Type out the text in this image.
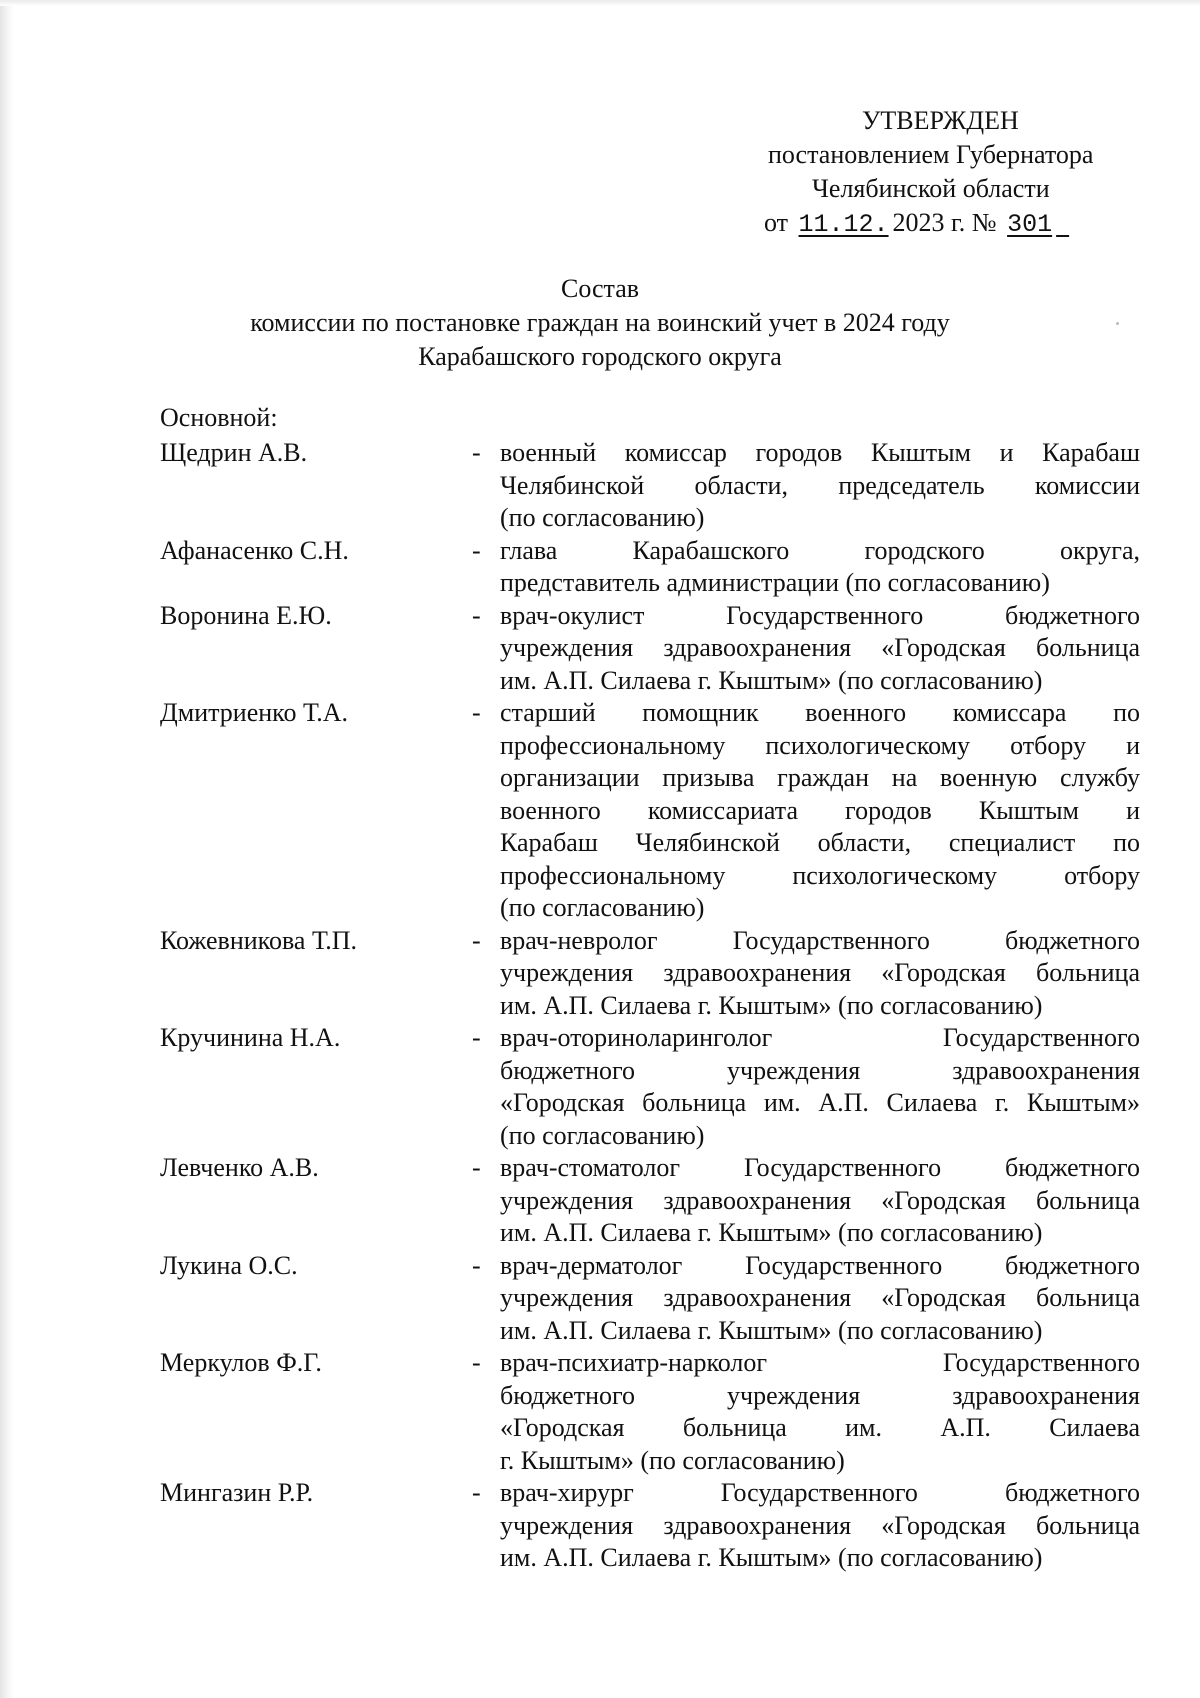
УТВЕРЖДЕН
постановлением Губернатора
Челябинской области
от 11.12. 2023 г. № 301
Состав
комиссии по постановке граждан на воинский учет в 2024 году
Карабашского городского округа
Основной:
Щедрин А.В.	- военный комиссар городов Кыштым и Карабаш
Челябинской области, председатель комиссии
(по согласованию)
Афанасенко С.Н.	- глава Карабашского городского округа,
представитель администрации (по согласованию)
Воронина Е.Ю.	- врач-окулист Государственного бюджетного
учреждения здравоохранения «Городская больница
им. А.П. Силаева г. Кыштым» (по согласованию)
Дмитриенко Т.А.	- старший помощник военного комиссара по
профессиональному психологическому отбору и
организации призыва граждан на военную службу
военного комиссариата городов Кыштым и
Карабаш Челябинской области, специалист по
профессиональному психологическому отбору
(по согласованию)
Кожевникова Т.П.	- врач-невролог Государственного бюджетного
учреждения здравоохранения «Городская больница
им. А.П. Силаева г. Кыштым» (по согласованию)
Кручинина Н.А.	- врач-оториноларинголог Государственного
бюджетного учреждения здравоохранения
«Городская больница им. А.П. Силаева г. Кыштым»
(по согласованию)
Левченко А.В.	- врач-стоматолог Государственного бюджетного
учреждения здравоохранения «Городская больница
им. А.П. Силаева г. Кыштым» (по согласованию)
Лукина О.С.	- врач-дерматолог Государственного бюджетного
учреждения здравоохранения «Городская больница
им. А.П. Силаева г. Кыштым» (по согласованию)
Меркулов Ф.Г.	- врач-психиатр-нарколог Государственного
бюджетного учреждения здравоохранения
«Городская больница им. А.П. Силаева
г. Кыштым» (по согласованию)
Мингазин Р.Р.	- врач-хирург Государственного бюджетного
учреждения здравоохранения «Городская больница
им. А.П. Силаева г. Кыштым» (по согласованию)
